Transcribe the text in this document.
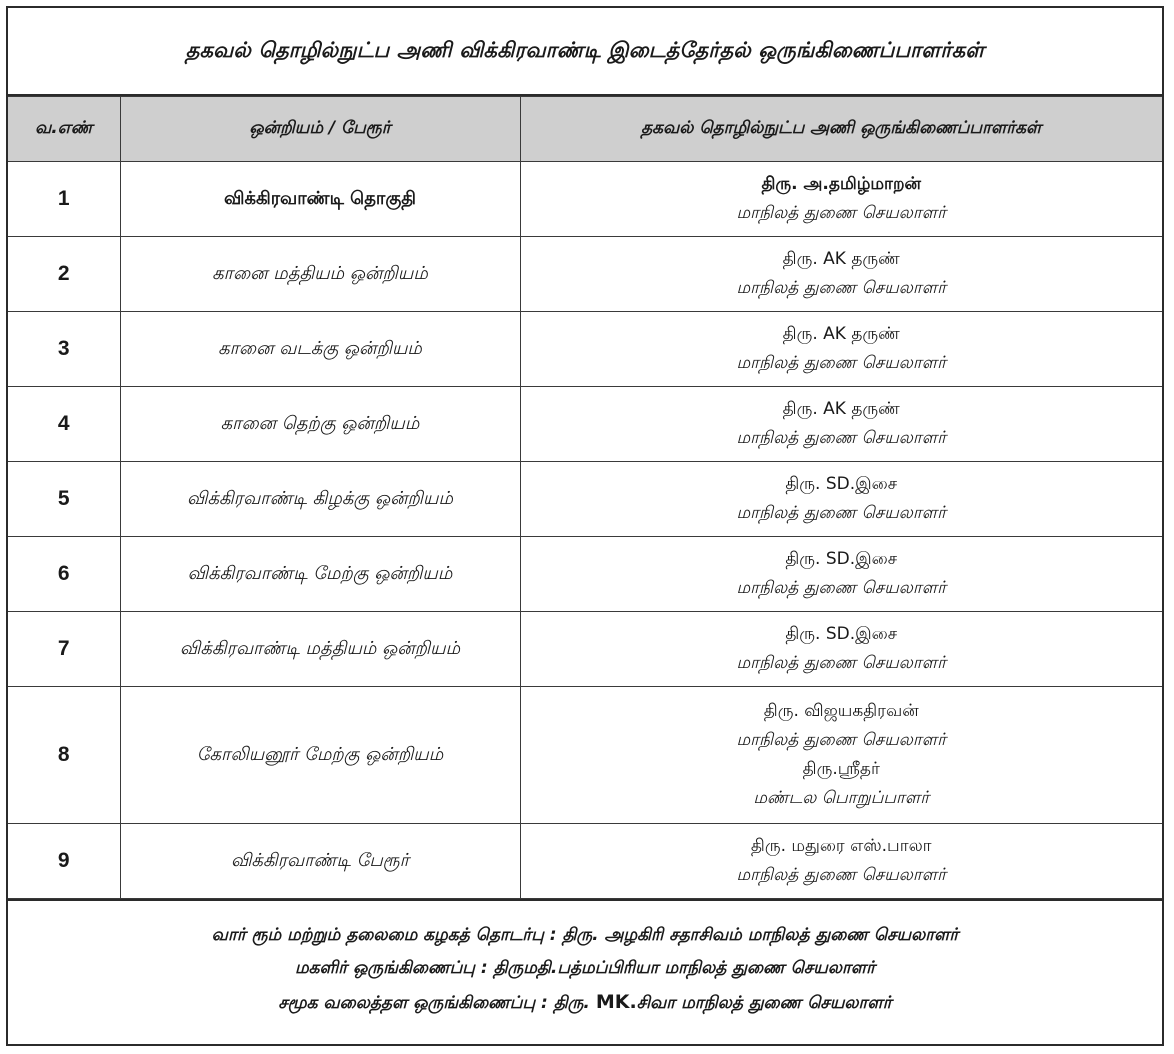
தகவல் தொழில்நுட்ப அணி விக்கிரவாண்டி இடைத்தேர்தல் ஒருங்கிணைப்பாளர்கள்
வ.எண்	ஒன்றியம் / பேரூர்	தகவல் தொழில்நுட்ப அணி ஒருங்கிணைப்பாளர்கள்
1	விக்கிரவாண்டி தொகுதி	திரு. அ.தமிழ்மாறன்
மாநிலத் துணை செயலாளர்

2	கானை மத்தியம் ஒன்றியம்	திரு. AK தருண்
மாநிலத் துணை செயலாளர்

3	கானை வடக்கு ஒன்றியம்	திரு. AK தருண்
மாநிலத் துணை செயலாளர்

4	கானை தெற்கு ஒன்றியம்	திரு. AK தருண்
மாநிலத் துணை செயலாளர்

5	விக்கிரவாண்டி கிழக்கு ஒன்றியம்	திரு. SD.இசை
மாநிலத் துணை செயலாளர்

6	விக்கிரவாண்டி மேற்கு ஒன்றியம்	திரு. SD.இசை
மாநிலத் துணை செயலாளர்

7	விக்கிரவாண்டி மத்தியம் ஒன்றியம்	திரு. SD.இசை
மாநிலத் துணை செயலாளர்

8	கோலியனூர் மேற்கு ஒன்றியம்	திரு. விஜயகதிரவன்
மாநிலத் துணை செயலாளர்
திரு.ஸ்ரீதர்
மண்டல பொறுப்பாளர்

9	விக்கிரவாண்டி பேரூர்	திரு. மதுரை எஸ்.பாலா
மாநிலத் துணை செயலாளர்
வார் ரூம் மற்றும் தலைமை கழகத் தொடர்பு : திரு. அழகிரி சதாசிவம் மாநிலத் துணை செயலாளர்
மகளிர் ஒருங்கிணைப்பு : திருமதி.பத்மப்பிரியா மாநிலத் துணை செயலாளர்
சமூக வலைத்தள ஒருங்கிணைப்பு : திரு. MK.சிவா மாநிலத் துணை செயலாளர்
